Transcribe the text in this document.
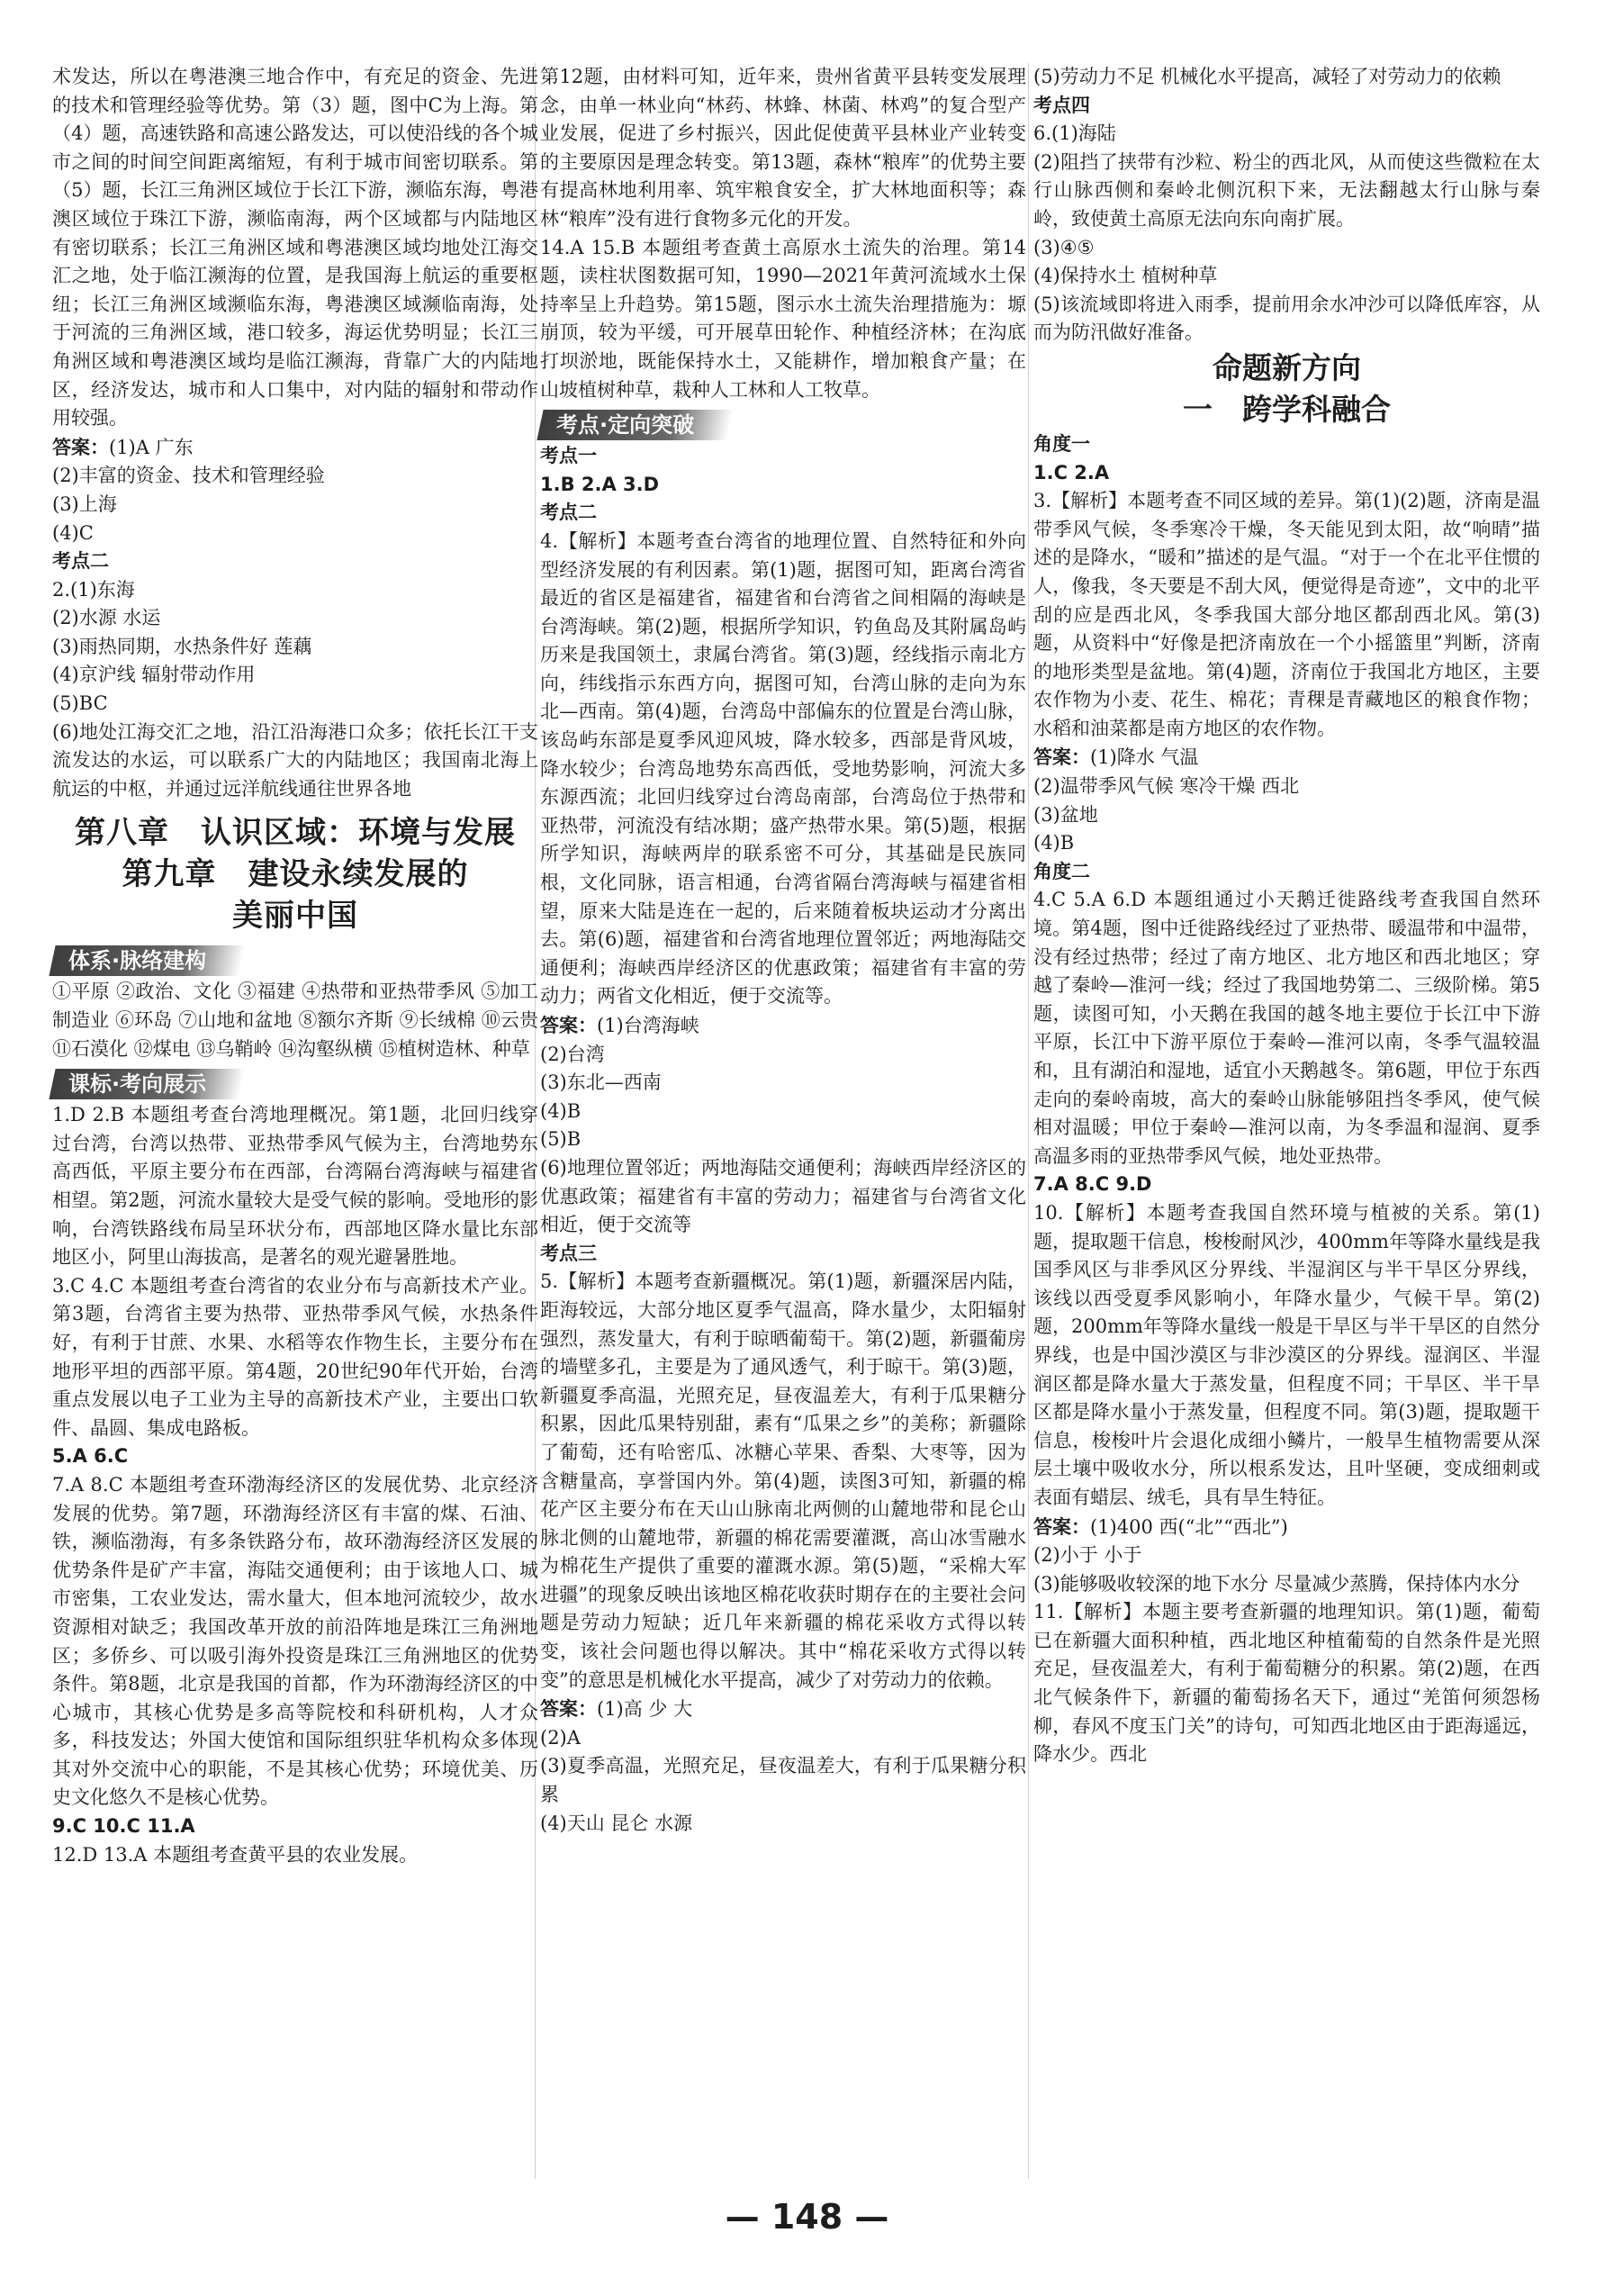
术发达，所以在粤港澳三地合作中，有充足的资金、先进的技术和管理经验等优势。第（3）题，图中C为上海。第（4）题，高速铁路和高速公路发达，可以使沿线的各个城市之间的时间空间距离缩短，有利于城市间密切联系。第（5）题，长江三角洲区域位于长江下游，濒临东海，粤港澳区域位于珠江下游，濒临南海，两个区域都与内陆地区有密切联系；长江三角洲区域和粤港澳区域均地处江海交汇之地，处于临江濒海的位置，是我国海上航运的重要枢纽；长江三角洲区域濒临东海，粤港澳区域濒临南海，处于河流的三角洲区域，港口较多，海运优势明显；长江三角洲区域和粤港澳区域均是临江濒海，背靠广大的内陆地区，经济发达，城市和人口集中，对内陆的辐射和带动作用较强。

答案：(1)A 广东

(2)丰富的资金、技术和管理经验

(3)上海

(4)C

考点二

2.(1)东海

(2)水源 水运

(3)雨热同期，水热条件好 莲藕

(4)京沪线 辐射带动作用

(5)BC

(6)地处江海交汇之地，沿江沿海港口众多；依托长江干支流发达的水运，可以联系广大的内陆地区；我国南北海上航运的中枢，并通过远洋航线通往世界各地

第八章　认识区域：环境与发展
第九章　建设永续发展的
美丽中国
体系·脉络建构

①平原 ②政治、文化 ③福建 ④热带和亚热带季风 ⑤加工制造业 ⑥环岛 ⑦山地和盆地 ⑧额尔齐斯 ⑨长绒棉 ⑩云贵 ⑪石漠化 ⑫煤电 ⑬乌鞘岭 ⑭沟壑纵横 ⑮植树造林、种草

课标·考向展示

1.D 2.B 本题组考查台湾地理概况。第1题，北回归线穿过台湾，台湾以热带、亚热带季风气候为主，台湾地势东高西低，平原主要分布在西部，台湾隔台湾海峡与福建省相望。第2题，河流水量较大是受气候的影响。受地形的影响，台湾铁路线布局呈环状分布，西部地区降水量比东部地区小，阿里山海拔高，是著名的观光避暑胜地。

3.C 4.C 本题组考查台湾省的农业分布与高新技术产业。第3题，台湾省主要为热带、亚热带季风气候，水热条件好，有利于甘蔗、水果、水稻等农作物生长，主要分布在地形平坦的西部平原。第4题，20世纪90年代开始，台湾重点发展以电子工业为主导的高新技术产业，主要出口软件、晶圆、集成电路板。

5.A 6.C

7.A 8.C 本题组考查环渤海经济区的发展优势、北京经济发展的优势。第7题，环渤海经济区有丰富的煤、石油、铁，濒临渤海，有多条铁路分布，故环渤海经济区发展的优势条件是矿产丰富，海陆交通便利；由于该地人口、城市密集，工农业发达，需水量大，但本地河流较少，故水资源相对缺乏；我国改革开放的前沿阵地是珠江三角洲地区；多侨乡、可以吸引海外投资是珠江三角洲地区的优势条件。第8题，北京是我国的首都，作为环渤海经济区的中心城市，其核心优势是多高等院校和科研机构，人才众多，科技发达；外国大使馆和国际组织驻华机构众多体现其对外交流中心的职能，不是其核心优势；环境优美、历史文化悠久不是核心优势。

9.C 10.C 11.A

12.D 13.A 本题组考查黄平县的农业发展。

第12题，由材料可知，近年来，贵州省黄平县转变发展理念，由单一林业向“林药、林蜂、林菌、林鸡”的复合型产业发展，促进了乡村振兴，因此促使黄平县林业产业转变的主要原因是理念转变。第13题，森林“粮库”的优势主要有提高林地利用率、筑牢粮食安全，扩大林地面积等；森林“粮库”没有进行食物多元化的开发。

14.A 15.B 本题组考查黄土高原水土流失的治理。第14题，读柱状图数据可知，1990—2021年黄河流域水土保持率呈上升趋势。第15题，图示水土流失治理措施为：塬崩顶，较为平缓，可开展草田轮作、种植经济林；在沟底打坝淤地，既能保持水土，又能耕作，增加粮食产量；在山坡植树种草，栽种人工林和人工牧草。

考点·定向突破

考点一

1.B 2.A 3.D

考点二

4.【解析】本题考查台湾省的地理位置、自然特征和外向型经济发展的有利因素。第(1)题，据图可知，距离台湾省最近的省区是福建省，福建省和台湾省之间相隔的海峡是台湾海峡。第(2)题，根据所学知识，钓鱼岛及其附属岛屿历来是我国领土，隶属台湾省。第(3)题，经线指示南北方向，纬线指示东西方向，据图可知，台湾山脉的走向为东北—西南。第(4)题，台湾岛中部偏东的位置是台湾山脉，该岛屿东部是夏季风迎风坡，降水较多，西部是背风坡，降水较少；台湾岛地势东高西低，受地势影响，河流大多东源西流；北回归线穿过台湾岛南部，台湾岛位于热带和亚热带，河流没有结冰期；盛产热带水果。第(5)题，根据所学知识，海峡两岸的联系密不可分，其基础是民族同根，文化同脉，语言相通，台湾省隔台湾海峡与福建省相望，原来大陆是连在一起的，后来随着板块运动才分离出去。第(6)题，福建省和台湾省地理位置邻近；两地海陆交通便利；海峡西岸经济区的优惠政策；福建省有丰富的劳动力；两省文化相近，便于交流等。

答案：(1)台湾海峡

(2)台湾

(3)东北—西南

(4)B

(5)B

(6)地理位置邻近；两地海陆交通便利；海峡西岸经济区的优惠政策；福建省有丰富的劳动力；福建省与台湾省文化相近，便于交流等

考点三

5.【解析】本题考查新疆概况。第(1)题，新疆深居内陆，距海较远，大部分地区夏季气温高，降水量少，太阳辐射强烈，蒸发量大，有利于晾晒葡萄干。第(2)题，新疆葡房的墙壁多孔，主要是为了通风透气，利于晾干。第(3)题，新疆夏季高温，光照充足，昼夜温差大，有利于瓜果糖分积累，因此瓜果特别甜，素有“瓜果之乡”的美称；新疆除了葡萄，还有哈密瓜、冰糖心苹果、香梨、大枣等，因为含糖量高，享誉国内外。第(4)题，读图3可知，新疆的棉花产区主要分布在天山山脉南北两侧的山麓地带和昆仑山脉北侧的山麓地带，新疆的棉花需要灌溉，高山冰雪融水为棉花生产提供了重要的灌溉水源。第(5)题，“采棉大军进疆”的现象反映出该地区棉花收获时期存在的主要社会问题是劳动力短缺；近几年来新疆的棉花采收方式得以转变，该社会问题也得以解决。其中“棉花采收方式得以转变”的意思是机械化水平提高，减少了对劳动力的依赖。

答案：(1)高 少 大

(2)A

(3)夏季高温，光照充足，昼夜温差大，有利于瓜果糖分积累

(4)天山 昆仑 水源

(5)劳动力不足 机械化水平提高，减轻了对劳动力的依赖

考点四

6.(1)海陆

(2)阻挡了挟带有沙粒、粉尘的西北风，从而使这些微粒在太行山脉西侧和秦岭北侧沉积下来，无法翻越太行山脉与秦岭，致使黄土高原无法向东向南扩展。

(3)④⑤

(4)保持水土 植树种草

(5)该流域即将进入雨季，提前用余水冲沙可以降低库容，从而为防汛做好准备。

命题新方向
一　跨学科融合

角度一

1.C 2.A

3.【解析】本题考查不同区域的差异。第(1)(2)题，济南是温带季风气候，冬季寒冷干燥，冬天能见到太阳，故“响晴”描述的是降水，“暖和”描述的是气温。“对于一个在北平住惯的人，像我，冬天要是不刮大风，便觉得是奇迹”，文中的北平刮的应是西北风，冬季我国大部分地区都刮西北风。第(3)题，从资料中“好像是把济南放在一个小摇篮里”判断，济南的地形类型是盆地。第(4)题，济南位于我国北方地区，主要农作物为小麦、花生、棉花；青稞是青藏地区的粮食作物；水稻和油菜都是南方地区的农作物。

答案：(1)降水 气温

(2)温带季风气候 寒冷干燥 西北

(3)盆地

(4)B

角度二

4.C 5.A 6.D 本题组通过小天鹅迁徙路线考查我国自然环境。第4题，图中迁徙路线经过了亚热带、暖温带和中温带，没有经过热带；经过了南方地区、北方地区和西北地区；穿越了秦岭—淮河一线；经过了我国地势第二、三级阶梯。第5题，读图可知，小天鹅在我国的越冬地主要位于长江中下游平原，长江中下游平原位于秦岭—淮河以南，冬季气温较温和，且有湖泊和湿地，适宜小天鹅越冬。第6题，甲位于东西走向的秦岭南坡，高大的秦岭山脉能够阻挡冬季风，使气候相对温暖；甲位于秦岭—淮河以南，为冬季温和湿润、夏季高温多雨的亚热带季风气候，地处亚热带。

7.A 8.C 9.D

10.【解析】本题考查我国自然环境与植被的关系。第(1)题，提取题干信息，梭梭耐风沙，400mm年等降水量线是我国季风区与非季风区分界线、半湿润区与半干旱区分界线，该线以西受夏季风影响小，年降水量少，气候干旱。第(2)题，200mm年等降水量线一般是干旱区与半干旱区的自然分界线，也是中国沙漠区与非沙漠区的分界线。湿润区、半湿润区都是降水量大于蒸发量，但程度不同；干旱区、半干旱区都是降水量小于蒸发量，但程度不同。第(3)题，提取题干信息，梭梭叶片会退化成细小鳞片，一般旱生植物需要从深层土壤中吸收水分，所以根系发达，且叶坚硬，变成细刺或表面有蜡层、绒毛，具有旱生特征。

答案：(1)400 西(“北”“西北”)

(2)小于 小于

(3)能够吸收较深的地下水分 尽量减少蒸腾，保持体内水分

11.【解析】本题主要考查新疆的地理知识。第(1)题，葡萄已在新疆大面积种植，西北地区种植葡萄的自然条件是光照充足，昼夜温差大，有利于葡萄糖分的积累。第(2)题，在西北气候条件下，新疆的葡萄扬名天下，通过“羌笛何须怨杨柳，春风不度玉门关”的诗句，可知西北地区由于距海遥远，降水少。西北

— 148 —
